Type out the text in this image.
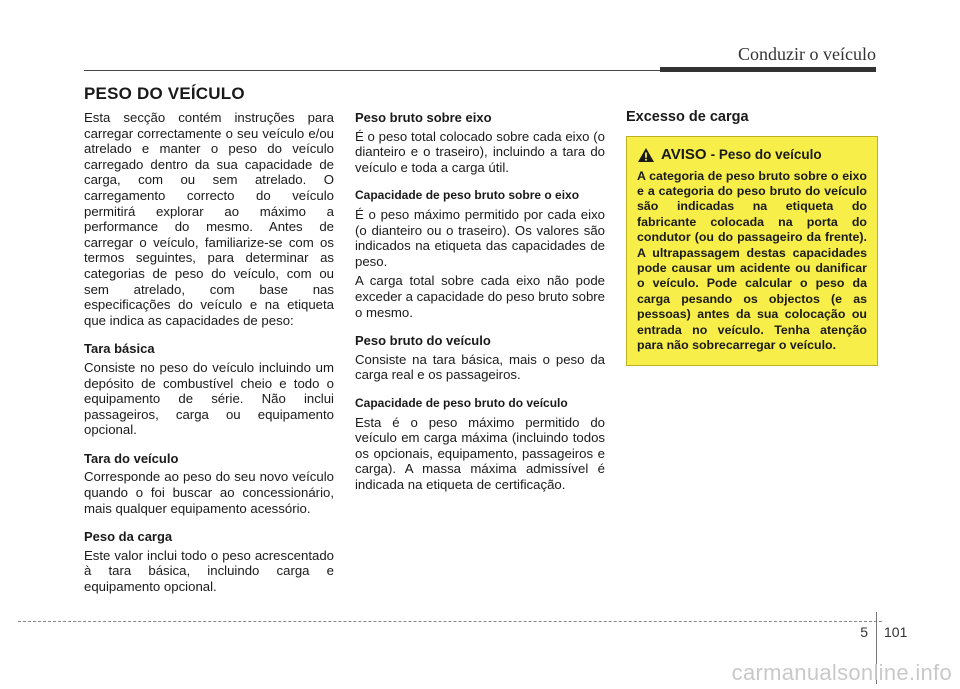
Conduzir o veículo
PESO DO VEÍCULO

Esta secção contém instruções para carregar correctamente o seu veículo e/ou atrelado e manter o peso do veículo carregado dentro da sua capacidade de carga, com ou sem atrelado. O carregamento correcto do veículo permitirá explorar ao máximo a performance do mesmo. Antes de carregar o veículo, familiarize-se com os termos seguintes, para determinar as categorias de peso do veículo, com ou sem atrelado, com base nas especificações do veículo e na etiqueta que indica as capacidades de peso:

Tara básica

Consiste no peso do veículo incluindo um depósito de combustível cheio e todo o equipamento de série. Não inclui passageiros, carga ou equipamento opcional.

Tara do veículo

Corresponde ao peso do seu novo veículo quando o foi buscar ao concessionário, mais qualquer equipamento acessório.

Peso da carga

Este valor inclui todo o peso acrescentado à tara básica, incluindo carga e equipamento opcional.

Peso bruto sobre eixo

É o peso total colocado sobre cada eixo (o dianteiro e o traseiro), incluindo a tara do veículo e toda a carga útil.

Capacidade de peso bruto sobre o eixo

É o peso máximo permitido por cada eixo (o dianteiro ou o traseiro). Os valores são indicados na etiqueta das capacidades de peso.

A carga total sobre cada eixo não pode exceder a capacidade do peso bruto sobre o mesmo.

Peso bruto do veículo

Consiste na tara básica, mais o peso da carga real e os passageiros.

Capacidade de peso bruto do veículo

Esta é o peso máximo permitido do veículo em carga máxima (incluindo todos os opcionais, equipamento, passageiros e carga). A massa máxima admissível é indicada na etiqueta de certificação.

Excesso de carga
AVISO - Peso do veículo

A categoria de peso bruto sobre o eixo e a categoria do peso bruto do veículo são indicadas na etiqueta do fabricante colocada na porta do condutor (ou do passageiro da frente). A ultrapassagem destas capacidades pode causar um acidente ou danificar o veículo. Pode calcular o peso da carga pesando os objectos (e as pessoas) antes da sua colocação ou entrada no veículo. Tenha atenção para não sobrecarregar o veículo.

5 101
carmanualsonline.info
